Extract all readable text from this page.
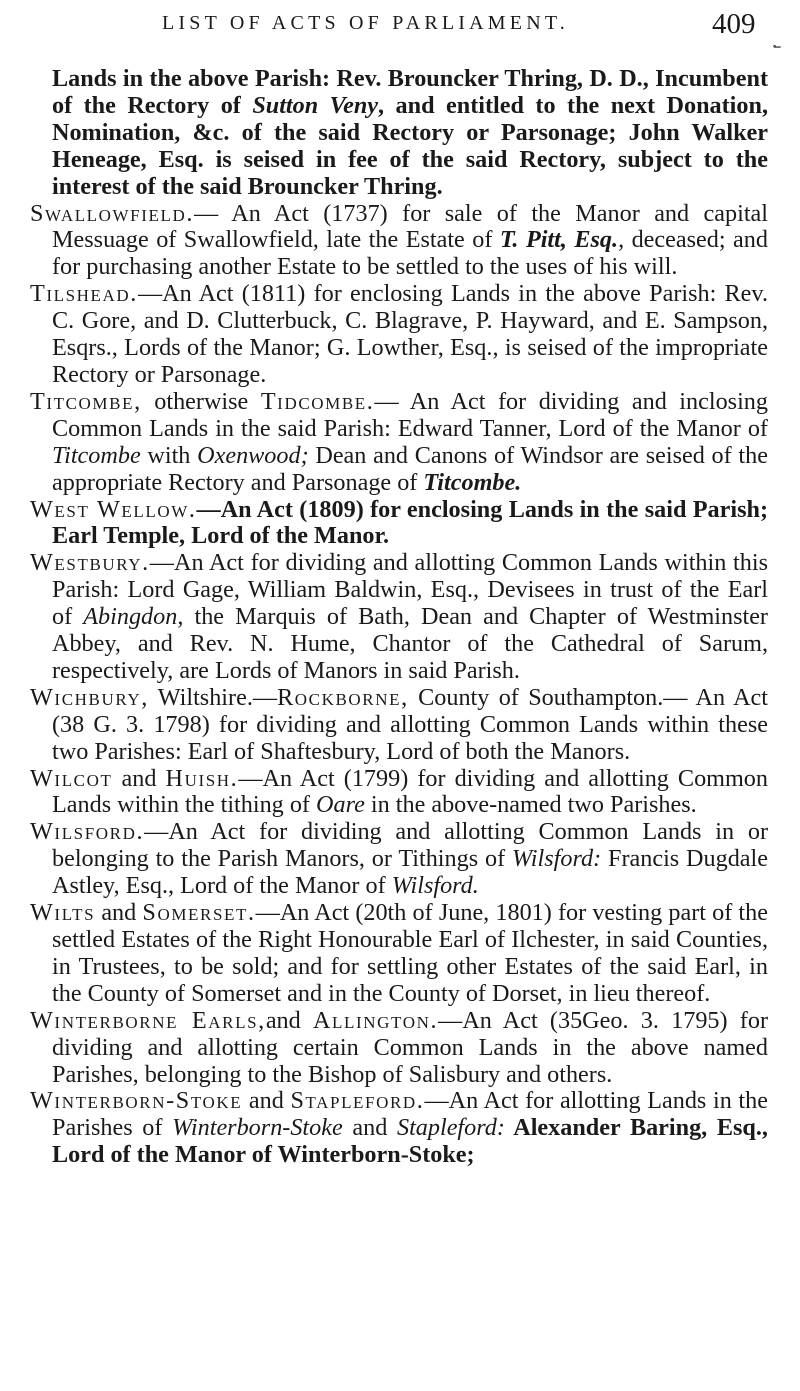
LIST OF ACTS OF PARLIAMENT.	409
؂

Lands in the above Parish: Rev. Brouncker Thring, D. D., Incumbent of the Rectory of Sutton Veny, and entitled to the next Donation, Nomination, &c. of the said Rectory or Parsonage; John Walker Heneage, Esq. is seised in fee of the said Rectory, subject to the interest of the said Brouncker Thring.

Swallowfield.— An Act (1737) for sale of the Manor and capital Messuage of Swallowfield, late the Estate of T. Pitt, Esq., deceased; and for purchasing another Estate to be settled to the uses of his will.

Tilshead.—An Act (1811) for enclosing Lands in the above Parish: Rev. C. Gore, and D. Clutterbuck, C. Blagrave, P. Hayward, and E. Sampson, Esqrs., Lords of the Manor; G. Lowther, Esq., is seised of the impropriate Rectory or Parsonage.

Titcombe, otherwise Tidcombe.— An Act for dividing and inclosing Common Lands in the said Parish: Edward Tanner, Lord of the Manor of Titcombe with Oxenwood; Dean and Canons of Windsor are seised of the appropriate Rectory and Parsonage of Titcombe.

West Wellow.—An Act (1809) for enclosing Lands in the said Parish; Earl Temple, Lord of the Manor.

Westbury.—An Act for dividing and allotting Common Lands within this Parish: Lord Gage, William Baldwin, Esq., Devisees in trust of the Earl of Abingdon, the Marquis of Bath, Dean and Chapter of Westminster Abbey, and Rev. N. Hume, Chantor of the Cathedral of Sarum, respectively, are Lords of Manors in said Parish.

Wichbury, Wiltshire.—Rockborne, County of Southampton.— An Act (38 G. 3. 1798) for dividing and allotting Common Lands within these two Parishes: Earl of Shaftesbury, Lord of both the Manors.

Wilcot and Huish.—An Act (1799) for dividing and allotting Common Lands within the tithing of Oare in the above-named two Parishes.

Wilsford.—An Act for dividing and allotting Common Lands in or belonging to the Parish Manors, or Tithings of Wilsford: Francis Dugdale Astley, Esq., Lord of the Manor of Wilsford.

Wilts and Somerset.—An Act (20th of June, 1801) for vesting part of the settled Estates of the Right Honourable Earl of Ilchester, in said Counties, in Trustees, to be sold; and for settling other Estates of the said Earl, in the County of Somerset and in the County of Dorset, in lieu thereof.

Winterborne Earls,and Allington.—An Act (35Geo. 3. 1795) for dividing and allotting certain Common Lands in the above named Parishes, belonging to the Bishop of Salisbury and others.

Winterborn-Stoke and Stapleford.—An Act for allotting Lands in the Parishes of Winterborn-Stoke and Stapleford: Alexander Baring, Esq., Lord of the Manor of Winterborn-Stoke;
